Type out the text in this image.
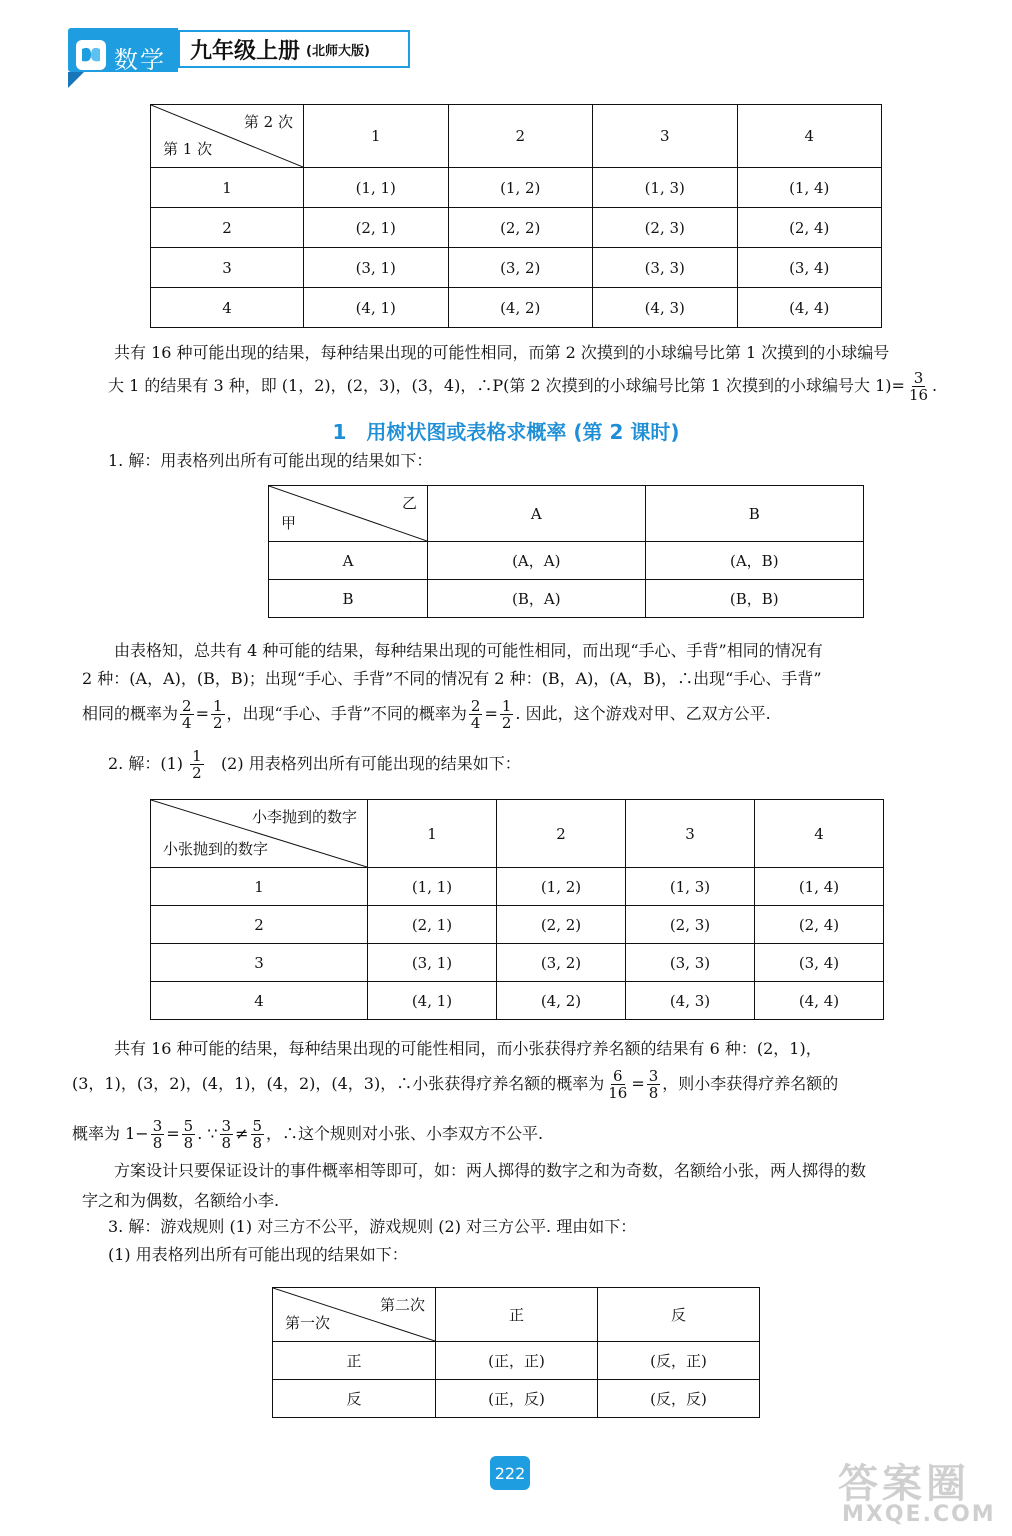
数学 九年级上册 (北师大版)
第 2 次
第 1 次	1	2	3	4
1	(1, 1)	(1, 2)	(1, 3)	(1, 4)
2	(2, 1)	(2, 2)	(2, 3)	(2, 4)
3	(3, 1)	(3, 2)	(3, 3)	(3, 4)
4	(4, 1)	(4, 2)	(4, 3)	(4, 4)
共有 16 种可能出现的结果，每种结果出现的可能性相同，而第 2 次摸到的小球编号比第 1 次摸到的小球编号
大 1 的结果有 3 种，即 (1，2)，(2，3)，(3，4)，∴P(第 2 次摸到的小球编号比第 1 次摸到的小球编号大 $1)= \frac{3}{16}$ .
1　用树状图或表格求概率 (第 2 课时)
1. 解：用表格列出所有可能出现的结果如下：
乙
甲	A	B
A	(A，A)	(A，B)
B	(B，A)	(B，B)
由表格知，总共有 4 种可能的结果，每种结果出现的可能性相同，而出现“手心、手背”相同的情况有
2 种：(A，A)，(B，B)；出现“手心、手背”不同的情况有 2 种：(B，A)，(A，B)，∴出现“手心、手背”
相同的概率为 $\frac{2}{4} = \frac{1}{2}$ ，出现“手心、手背”不同的概率为 $\frac{2}{4} = \frac{1}{2}$ . 因此，这个游戏对甲、乙双方公平.
2. 解：$(1) \frac{1}{2} (2)$ 用表格列出所有可能出现的结果如下：
小李抛到的数字
小张抛到的数字	1	2	3	4
1	(1, 1)	(1, 2)	(1, 3)	(1, 4)
2	(2, 1)	(2, 2)	(2, 3)	(2, 4)
3	(3, 1)	(3, 2)	(3, 3)	(3, 4)
4	(4, 1)	(4, 2)	(4, 3)	(4, 4)
共有 16 种可能的结果，每种结果出现的可能性相同，而小张获得疗养名额的结果有 6 种：(2，1)，
(3，1)，(3，2)，(4，1)，(4，2)，(4，3)，∴小张获得疗养名额的概率为 $\frac{6}{16} = \frac{3}{8}$ ，则小李获得疗养名额的
概率为 $1- \frac{3}{8} = \frac{5}{8}$ . ∵ $\frac{3}{8} \ne \frac{5}{8}$ ，∴这个规则对小张、小李双方不公平.
方案设计只要保证设计的事件概率相等即可，如：两人掷得的数字之和为奇数，名额给小张，两人掷得的数
字之和为偶数，名额给小李.
3. 解：游戏规则 (1) 对三方不公平，游戏规则 (2) 对三方公平. 理由如下：
(1) 用表格列出所有可能出现的结果如下：
第二次
第一次	正	反
正	(正，正)	(反，正)
反	(正，反)	(反，反)
222	答案圈
MXQE.COM
